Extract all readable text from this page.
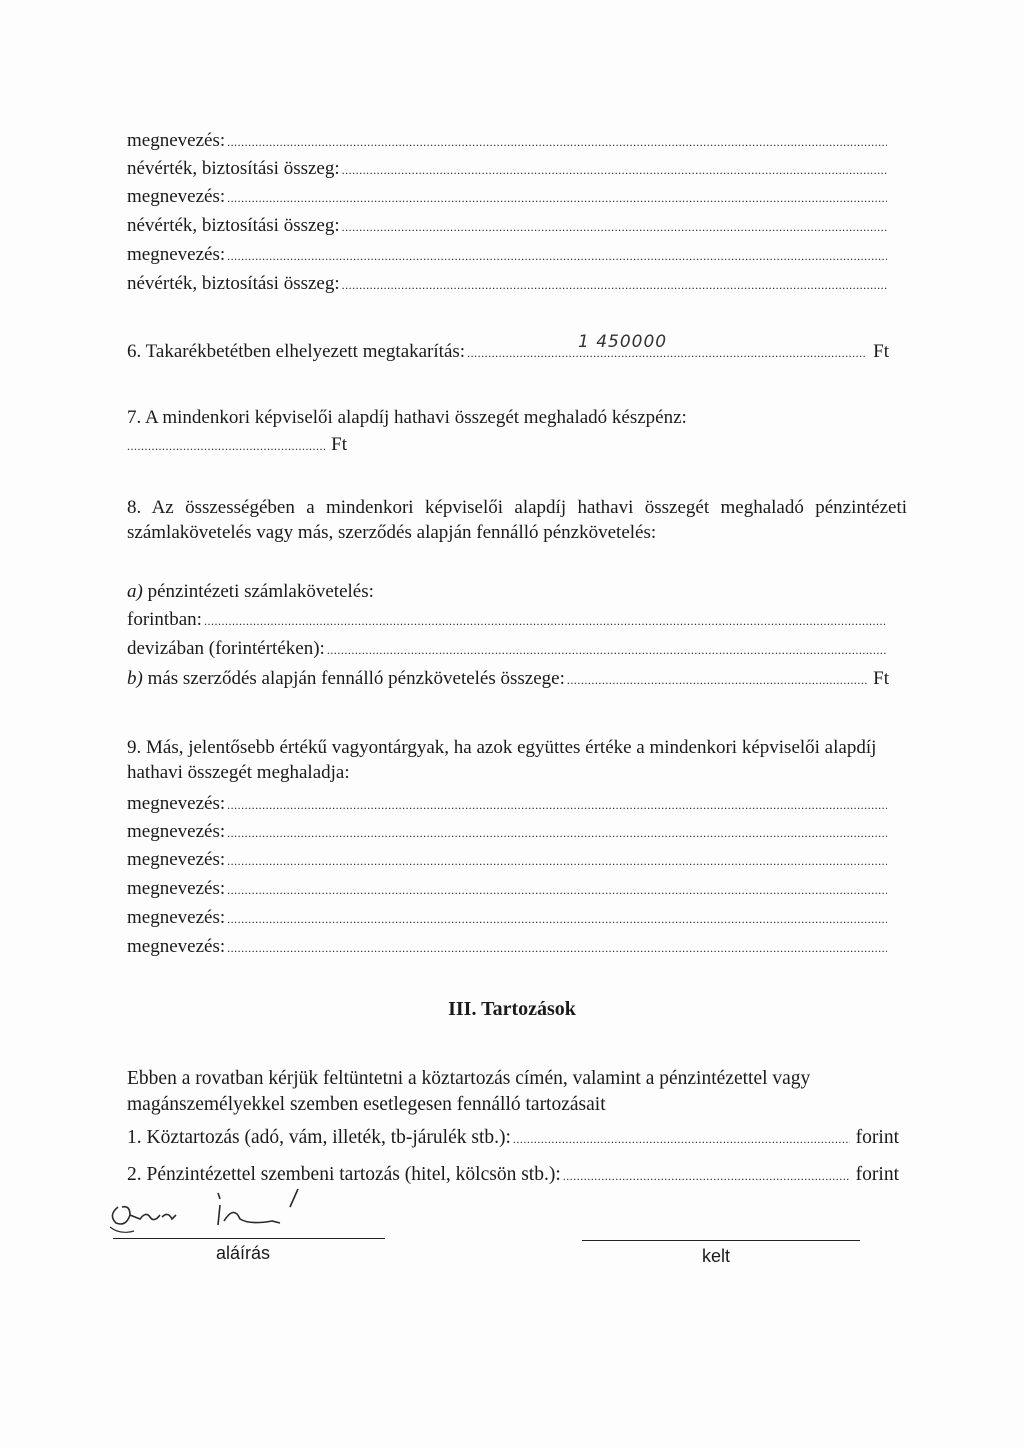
megnevezés:
.....
névérték, biztosítási összeg:
.....
megnevezés:
.....
névérték, biztosítási összeg:
.....
megnevezés:
.....
névérték, biztosítási összeg:
.....
6. Takarékbetétben elhelyezett megtakarítás: .....	Ft
1 450000
7. A mindenkori képviselői alapdíj hathavi összegét meghaladó készpénz:
.....
Ft
8. Az összességében a mindenkori képviselői alapdíj hathavi összegét meghaladó pénzintézeti számlakövetelés vagy más, szerződés alapján fennálló pénzkövetelés:
a) pénzintézeti számlakövetelés:
forintban:
.....
devizában (forintértéken):
.....
b) más szerződés alapján fennálló pénzkövetelés összege: .....	Ft
9. Más, jelentősebb értékű vagyontárgyak, ha azok együttes értéke a mindenkori képviselői alapdíj hathavi összegét meghaladja:
megnevezés:
.....
megnevezés:
.....
megnevezés:
.....
megnevezés:
.....
megnevezés:
.....
megnevezés:
.....
III. Tartozások
Ebben a rovatban kérjük feltüntetni a köztartozás címén, valamint a pénzintézettel vagy magánszemélyekkel szemben esetlegesen fennálló tartozásait
1. Köztartozás (adó, vám, illeték, tb-járulék stb.): .....	forint
2. Pénzintézettel szembeni tartozás (hitel, kölcsön stb.): .....	forint
aláírás	kelt
